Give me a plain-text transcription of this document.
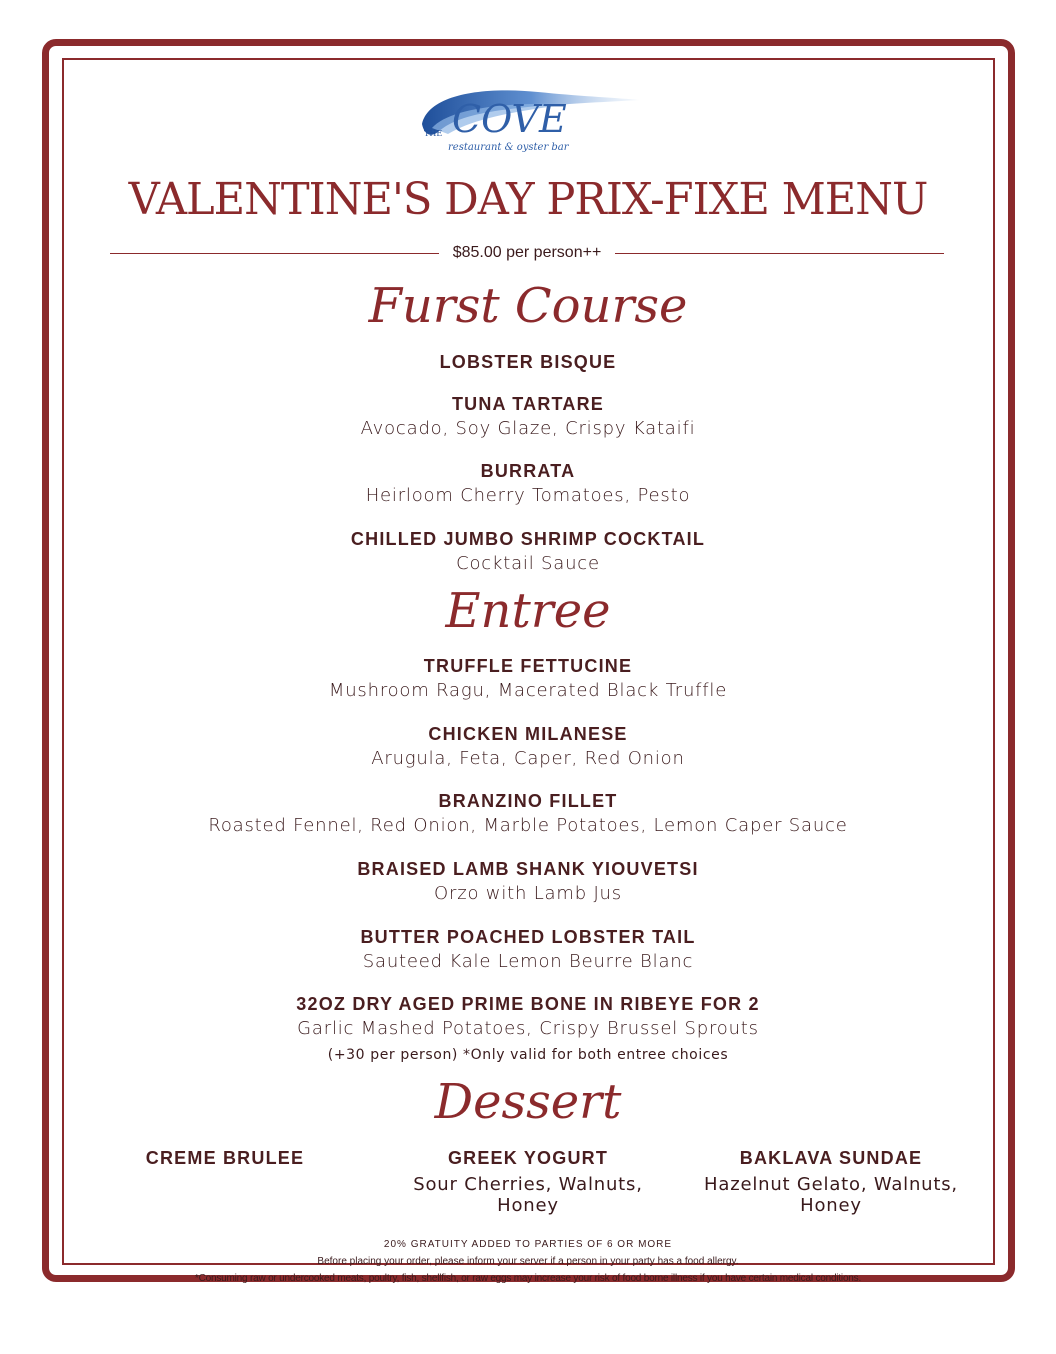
THE COVE
restaurant & oyster bar
VALENTINE'S DAY PRIX-FIXE MENU
$85.00 per person++
Furst Course
LOBSTER BISQUE
TUNA TARTARE
Avocado, Soy Glaze, Crispy Kataifi
BURRATA
Heirloom Cherry Tomatoes, Pesto
CHILLED JUMBO SHRIMP COCKTAIL
Cocktail Sauce
Entree
TRUFFLE FETTUCINE
Mushroom Ragu, Macerated Black Truffle
CHICKEN MILANESE
Arugula, Feta, Caper, Red Onion
BRANZINO FILLET
Roasted Fennel, Red Onion, Marble Potatoes, Lemon Caper Sauce
BRAISED LAMB SHANK YIOUVETSI
Orzo with Lamb Jus
BUTTER POACHED LOBSTER TAIL
Sauteed Kale Lemon Beurre Blanc
32OZ DRY AGED PRIME BONE IN RIBEYE FOR 2
Garlic Mashed Potatoes, Crispy Brussel Sprouts
(+30 per person) *Only valid for both entree choices
Dessert
CREME BRULEE	GREEK YOGURT
Sour Cherries, Walnuts, Honey
BAKLAVA SUNDAE
Hazelnut Gelato, Walnuts, Honey
20% GRATUITY ADDED TO PARTIES OF 6 OR MORE
Before placing your order, please inform your server if a person in your party has a food allergy.
*Consuming raw or undercooked meats, poultry, fish, shellfish, or raw eggs may increase your risk of food borne illness if you have certain medical conditions.
